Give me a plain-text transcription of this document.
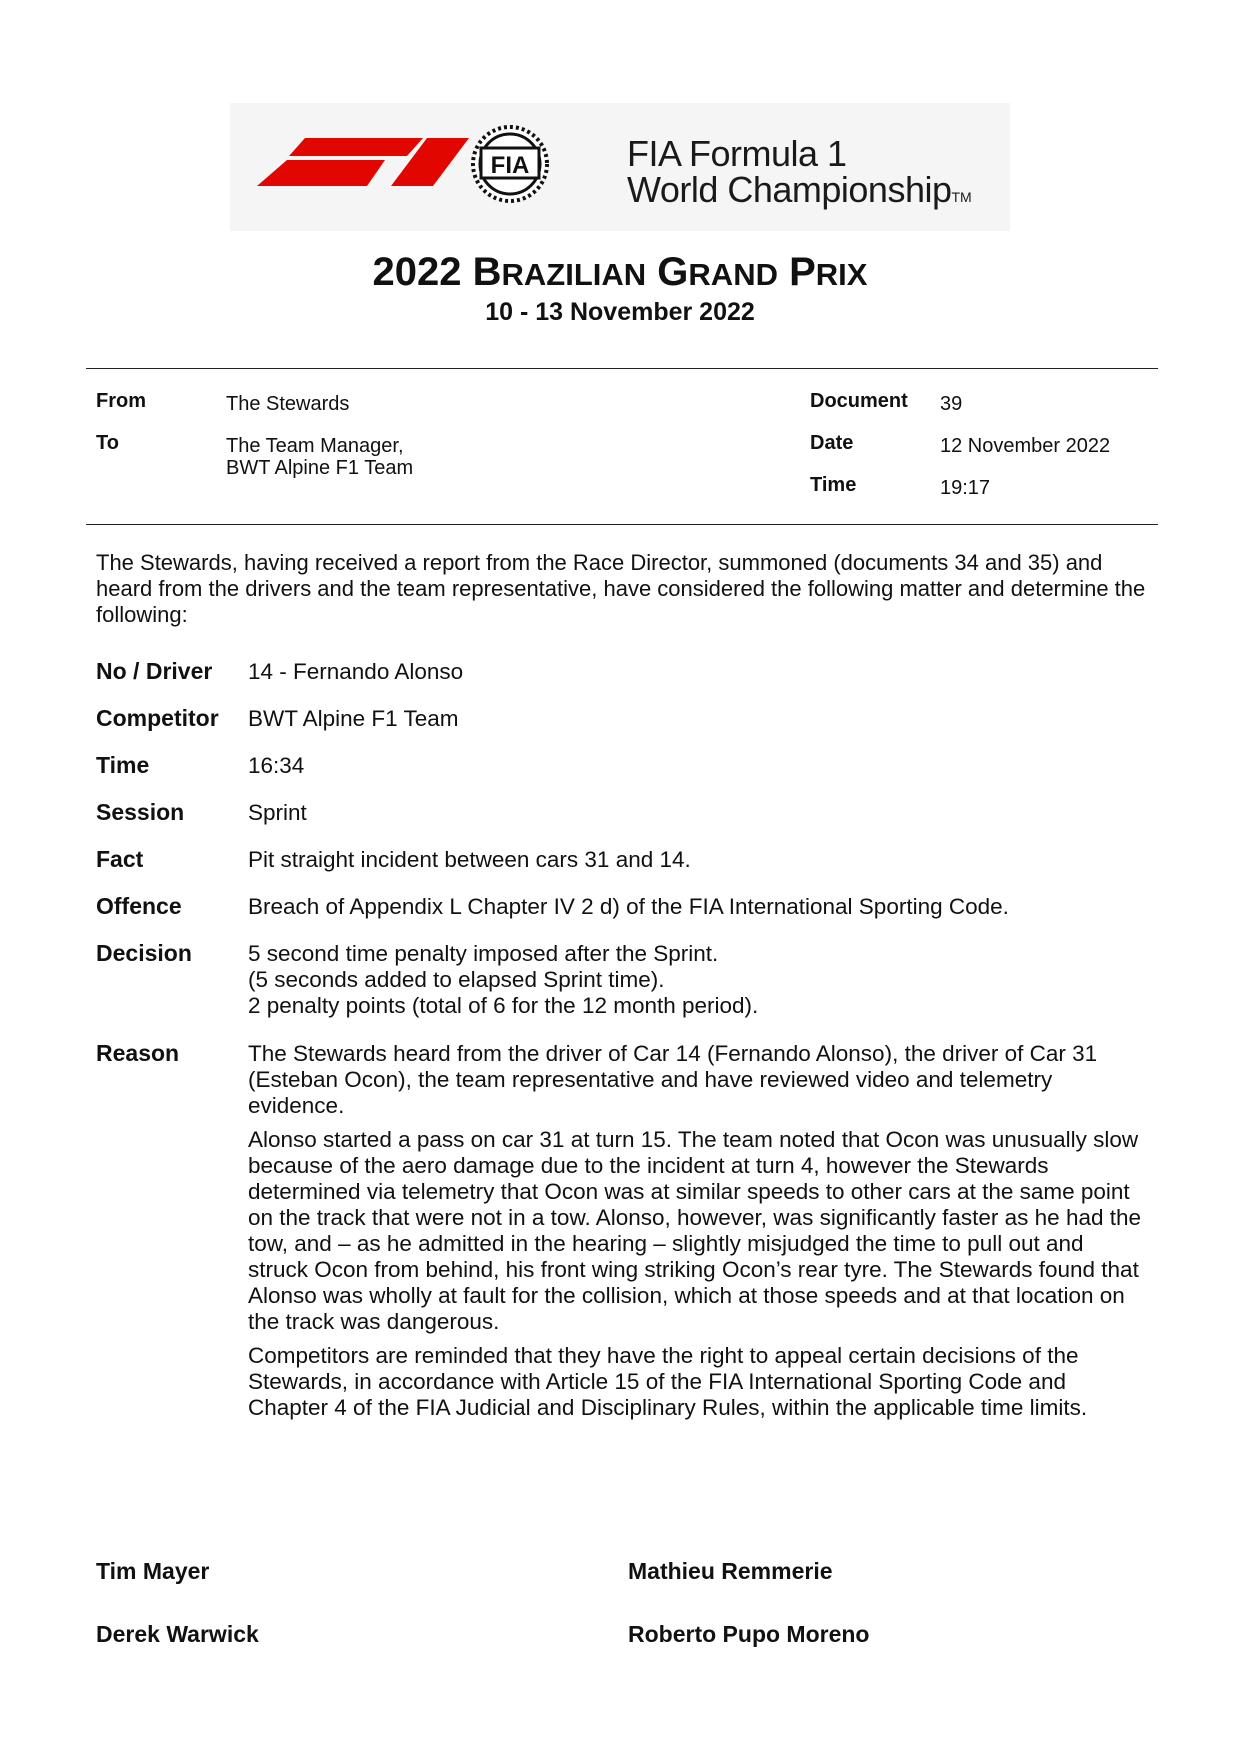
FIA	FIA Formula 1
World ChampionshipTM
2022 BRAZILIAN GRAND PRIX
10 - 13 November 2022
From	The Stewards
To	The Team Manager,
BWT Alpine F1 Team
Document 39
Date	12 November 2022
Time	19:17
The Stewards, having received a report from the Race Director, summoned (documents 34 and 35) and heard from the drivers and the team representative, have considered the following matter and determine the following:
No / Driver 14 - Fernando Alonso
Competitor BWT Alpine F1 Team
Time	16:34
Session	Sprint
Fact	Pit straight incident between cars 31 and 14.
Offence	Breach of Appendix L Chapter IV 2 d) of the FIA International Sporting Code.
Decision 5 second time penalty imposed after the Sprint.
(5 seconds added to elapsed Sprint time).
2 penalty points (total of 6 for the 12 month period).
Reason	The Stewards heard from the driver of Car 14 (Fernando Alonso), the driver of Car 31 (Esteban Ocon), the team representative and have reviewed video and telemetry evidence.

Alonso started a pass on car 31 at turn 15. The team noted that Ocon was unusually slow because of the aero damage due to the incident at turn 4, however the Stewards determined via telemetry that Ocon was at similar speeds to other cars at the same point on the track that were not in a tow. Alonso, however, was significantly faster as he had the tow, and – as he admitted in the hearing – slightly misjudged the time to pull out and struck Ocon from behind, his front wing striking Ocon’s rear tyre. The Stewards found that Alonso was wholly at fault for the collision, which at those speeds and at that location on the track was dangerous.

Competitors are reminded that they have the right to appeal certain decisions of the Stewards, in accordance with Article 15 of the FIA International Sporting Code and Chapter 4 of the FIA Judicial and Disciplinary Rules, within the applicable time limits.

Tim Mayer	Mathieu Remmerie
Derek Warwick	Roberto Pupo Moreno
